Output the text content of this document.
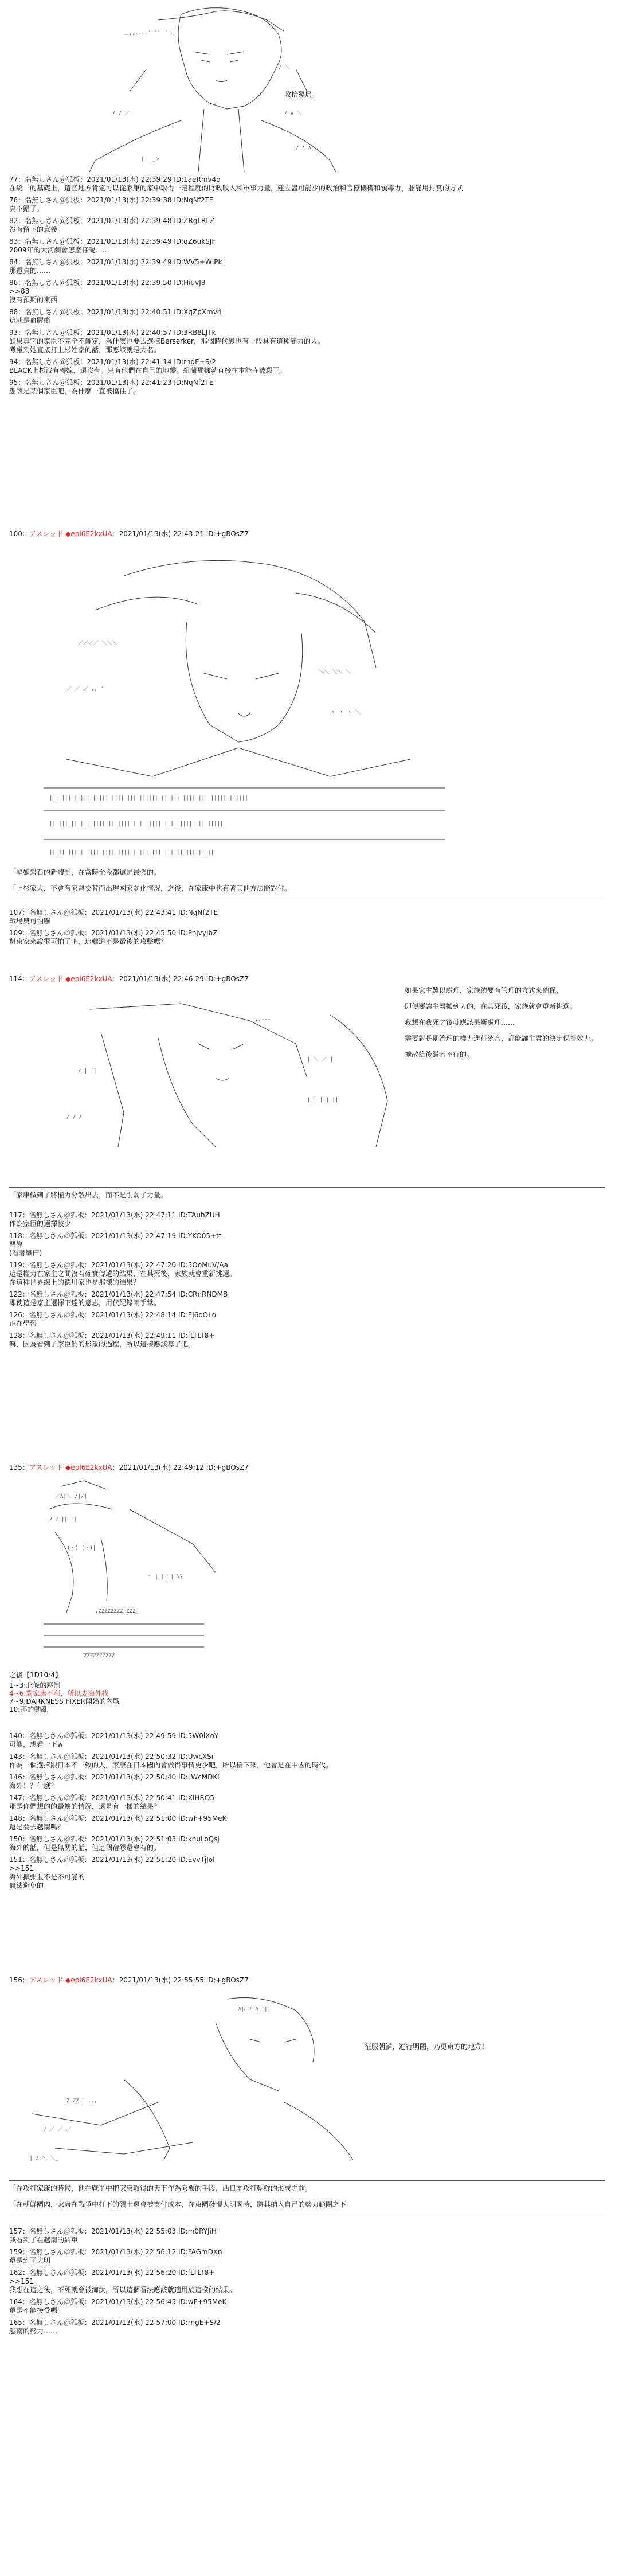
＿,,..-‐''"´￣`ヽ
/ ＼
/ ∧ ＼
/ ∧ ∧
/ / ／
| ＿_ノ
收拾殘局。
77：名無しさん＠狐板：2021/01/13(水) 22:39:29 ID:1aeRmv4q
在統一的基礎上，這些地方肯定可以從家康的家中取得一定程度的財政收入和軍事力量，建立盡可能少的政治和官僚機構和領導力，並能用封賞的方式
78：名無しさん＠狐板：2021/01/13(水) 22:39:38 ID:NqNf2TE
真不錯了。
82：名無しさん＠狐板：2021/01/13(水) 22:39:48 ID:ZRgLRLZ
沒有留下的意義
83：名無しさん＠狐板：2021/01/13(水) 22:39:49 ID:qZ6ukSJF
2009年的大河劇會怎麼樣呢……
84：名無しさん＠狐板：2021/01/13(水) 22:39:49 ID:WV5+WIPk
那還真的……
86：名無しさん＠狐板：2021/01/13(水) 22:39:50 ID:HiuvJ8
>>83
沒有預期的東西
88：名無しさん＠狐板：2021/01/13(水) 22:40:51 ID:XqZpXmv4
這就是血腥衝
93：名無しさん＠狐板：2021/01/13(水) 22:40:57 ID:3RB8LJTk
如果真它的家臣不完全不確定，為什麼也要去選擇Berserker，那個時代裏也有一般具有這種能力的人。
考慮到她直接打上杉姓家的話，那應該就是大名。
94：名無しさん＠狐板：2021/01/13(水) 22:41:14 ID:rngE+S/2
BLACK上杉沒有轉嫁，還沒有。只有他們在自己的地盤。紐蘭那樣就直接在本能寺被殺了。
95：名無しさん＠狐板：2021/01/13(水) 22:41:23 ID:NqNf2TE
應該是某個家臣吧，為什麼一直被擋住了。
100：アスレッド ◆epl6E2kxUA：2021/01/13(水) 22:43:21 ID:+gBOsZ7
／／／／ ＼＼＼
／ ／ ／ ,, ''
＼＼ ＼＼ ＼
ヽ ヽ ヽ ＼
| | ||| ||||| | ||| |||| ||| |||||| || ||| |||| ||| ||||| ||||||
|| ||| |||||| |||| ||||||| ||| ||||| |||| |||| ||| |||||
||||| ||||| |||| |||| |||| ||||| ||| |||||| ||||| |||
「堅如磐石的新體制，在當時至今都還是最強的。
「上杉家大，不會有家督交替而出現國家弱化情況，之後，在家康中也有著其他方法能對付。
107：名無しさん＠狐板：2021/01/13(水) 22:43:41 ID:NqNf2TE
戰場奧可怕嚇
109：名無しさん＠狐板：2021/01/13(水) 22:45:50 ID:PnjvyJbZ
對東家來說很可怕了吧，這難道不是最後的攻擊嗎？
114：アスレッド ◆epl6E2kxUA：2021/01/13(水) 22:46:29 ID:+gBOsZ7
＿,,-‐‐
| ＼ ／ |
| | | | ||
/ | ||
/ / /
如果家主難以處理，家族總要有管理的方式來確保，
即便要讓主君搬到人的，在其死後，家族就會重新挑選。
我想在我死之後就應該果斷處理……
需要對長期治理的權力進行統合，都能讓主君的決定保持效力。
擴散給後繼者不行的。
「家康做到了將權力分散出去，而不是削弱了力量。
117：名無しさん＠狐板：2021/01/13(水) 22:47:11 ID:TAuhZUH
作為家臣的選擇較少
118：名無しさん＠狐板：2021/01/13(水) 22:47:19 ID:YKO05+tt
惡導
(看著織田)
119：名無しさん＠狐板：2021/01/13(水) 22:47:20 ID:5OoMuV/Aa
這是權力在家主之間沒有確實傳遞的結果，在其死後，家族就會重新挑選。
在這種世界線上的德川家也是那樣的結果？
122：名無しさん＠狐板：2021/01/13(水) 22:47:54 ID:CRnRNDMB
即使這是家主選擇下達的意志，用代紀錄兩手掌。
126：名無しさん＠狐板：2021/01/13(水) 22:48:14 ID:Ej6oOLo
正在學習
128：名無しさん＠狐板：2021/01/13(水) 22:49:11 ID:fLTLT8+
嘛，因為看到了家臣們的形象的過程，所以這樣應該算了吧。
135：アスレッド ◆epl6E2kxUA：2021/01/13(水) 22:49:12 ID:+gBOsZ7
／Λ|＼ /|/|
/ ﾉ || ||
| (・) (・)|
ヽ | || | \\
,ZZZZZZZZ ZZZ_
ZZZZZZZZZZ
之後【1D10:4】
1~3:北條的壓制
4~6:對家康不利，所以去海外找
7~9:DARKNESS FIXER開始的內戰
10:那的動亂
140：名無しさん＠狐板：2021/01/13(水) 22:49:59 ID:5W0iXoY
可能，想看一下w
143：名無しさん＠狐板：2021/01/13(水) 22:50:32 ID:UwcXSr
作為一個選擇跟日本不一致的人，家康在日本國內會做得事情更少吧，所以接下來，他會是在中國的時代。
146：名無しさん＠狐板：2021/01/13(水) 22:50:40 ID:LWcMDKi
海外！？什麼？
147：名無しさん＠狐板：2021/01/13(水) 22:50:41 ID:XIHRO5
那是你們想的的最壞的情況，還是有一樣的結果？
148：名無しさん＠狐板：2021/01/13(水) 22:51:00 ID:wF+95MeK
還是要去越南嗎？
150：名無しさん＠狐板：2021/01/13(水) 22:51:03 ID:knuLoQsj
海外的話，但是無關的話，但這個宿怨還會有的。
151：名無しさん＠狐板：2021/01/13(水) 22:51:20 ID:EvvTjJoI
>>151
海外擴張並不是不可能的
無法避免的
156：アスレッド ◆epl6E2kxUA：2021/01/13(水) 22:55:55 ID:+gBOsZ7
ﾊ|ﾊ ﾊ ﾊ |||
Z ZZ ﾟ ,,,
ﾉ ／ ／ ／
|| / ＼ ＼_
征服朝鮮，進行明國，乃更東方的地方！
「在攻打家康的時候，他在戰爭中把家康取得的天下作為家族的手段，西日本攻打朝鮮的形成之前。
「在朝鮮國內，家康在戰爭中打下的領土還會被支付成本，在東國發現大明國時，將其納入自己的勢力範圍之下
157：名無しさん＠狐板：2021/01/13(水) 22:55:03 ID:m0RYJiH
我看到了在越南的結束
159：名無しさん＠狐板：2021/01/13(水) 22:56:12 ID:FAGmDXn
還是到了大明
162：名無しさん＠狐板：2021/01/13(水) 22:56:20 ID:fLTLT8+
>>151
我想在這之後，不死就會被淘汰，所以這個看法應該就適用於這樣的結果。
164：名無しさん＠狐板：2021/01/13(水) 22:56:45 ID:wF+95MeK
還是不能接受嗎
165：名無しさん＠狐板：2021/01/13(水) 22:57:00 ID:rngE+S/2
越南的勢力……
